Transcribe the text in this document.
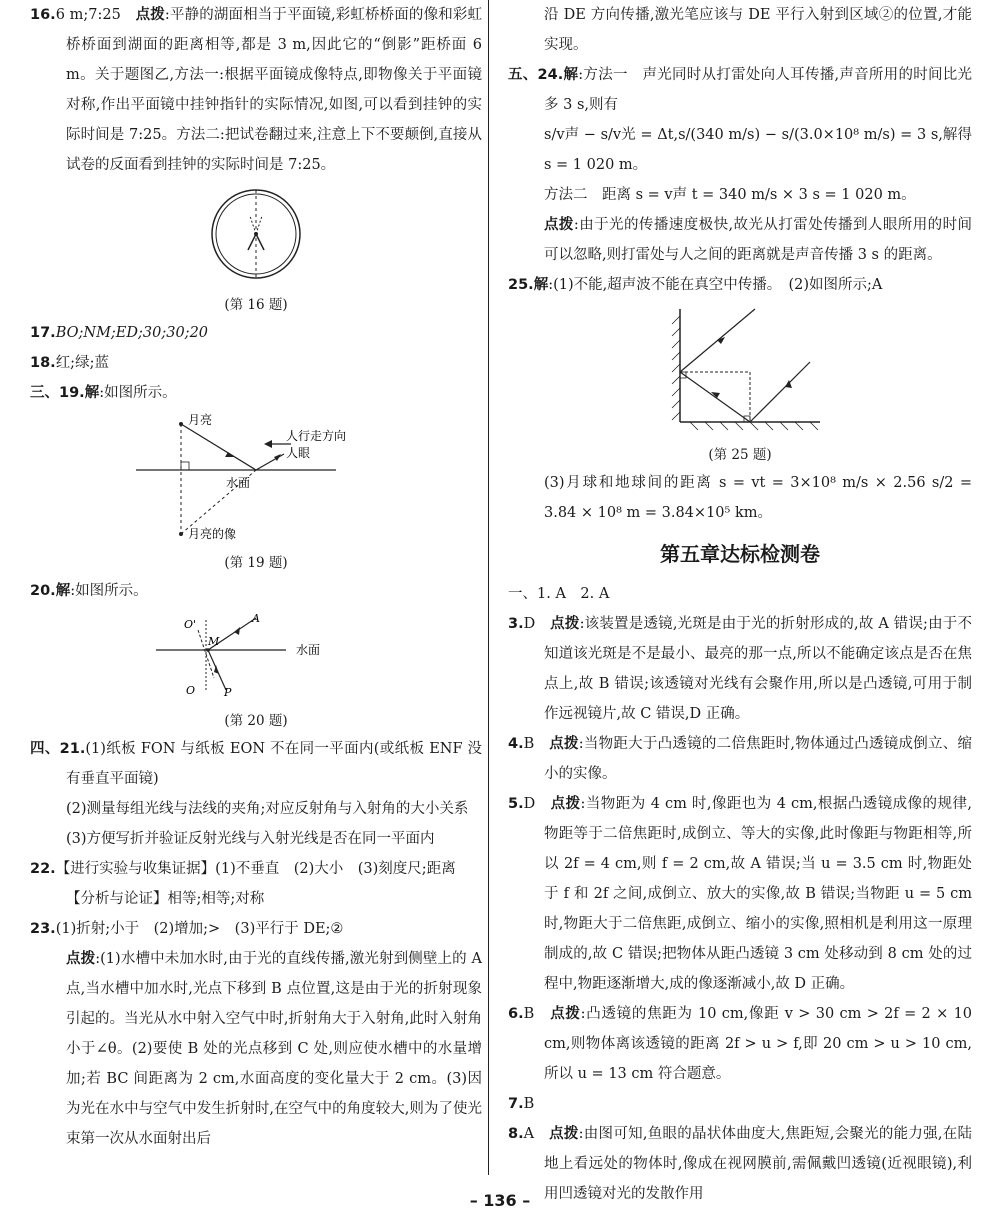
16.6 m;7:25　 点拨:平静的湖面相当于平面镜,彩虹桥桥面的像和彩虹桥桥面到湖面的距离相等,都是 3 m,因此它的“倒影”距桥面 6 m。关于题图乙,方法一:根据平面镜成像特点,即物像关于平面镜对称,作出平面镜中挂钟指针的实际情况,如图,可以看到挂钟的实际时间是 7:25。方法二:把试卷翻过来,注意上下不要颠倒,直接从试卷的反面看到挂钟的实际时间是 7:25。

(第 16 题)

17.BO;NM;ED;30;30;20

18.红;绿;蓝

三、19.解:如图所示。

月亮
人行走方向
人眼
水面
月亮的像
(第 19 题)

20.解:如图所示。

O'
M
A
水面
O	P
(第 20 题)

四、21.(1)纸板 FON 与纸板 EON 不在同一平面内(或纸板 ENF 没有垂直平面镜)

(2)测量每组光线与法线的夹角;对应反射角与入射角的大小关系

(3)方便写折并验证反射光线与入射光线是否在同一平面内

22.【进行实验与收集证据】(1)不垂直　(2)大小　(3)刻度尺;距离

【分析与论证】相等;相等;对称

23.(1)折射;小于　(2)增加;>　(3)平行于 DE;②

点拨:(1)水槽中未加水时,由于光的直线传播,激光射到侧壁上的 A 点,当水槽中加水时,光点下移到 B 点位置,这是由于光的折射现象引起的。当光从水中射入空气中时,折射角大于入射角,此时入射角小于∠θ。(2)要使 B 处的光点移到 C 处,则应使水槽中的水量增加;若 BC 间距离为 2 cm,水面高度的变化量大于 2 cm。(3)因为光在水中与空气中发生折射时,在空气中的角度较大,则为了使光束第一次从水面射出后

沿 DE 方向传播,激光笔应该与 DE 平行入射到区域②的位置,才能实现。

五、24.解:方法一　声光同时从打雷处向人耳传播,声音所用的时间比光多 3 s,则有

s/v声 − s/v光 = Δt,s/(340 m/s) − s/(3.0×10⁸ m/s) = 3 s,解得 s = 1 020 m。

方法二　距离 s = v声 t = 340 m/s × 3 s = 1 020 m。

点拨:由于光的传播速度极快,故光从打雷处传播到人眼所用的时间可以忽略,则打雷处与人之间的距离就是声音传播 3 s 的距离。

25.解:(1)不能,超声波不能在真空中传播。　(2)如图所示;A

(第 25 题)

(3)月球和地球间的距离 s = vt = 3×10⁸ m/s × 2.56 s/2 = 3.84 × 10⁸ m = 3.84×10⁵ km。

第五章达标检测卷

一、1. A　2. A

3.D　 点拨:该装置是透镜,光斑是由于光的折射形成的,故 A 错误;由于不知道该光斑是不是最小、最亮的那一点,所以不能确定该点是否在焦点上,故 B 错误;该透镜对光线有会聚作用,所以是凸透镜,可用于制作远视镜片,故 C 错误,D 正确。

4.B　 点拨:当物距大于凸透镜的二倍焦距时,物体通过凸透镜成倒立、缩小的实像。

5.D　 点拨:当物距为 4 cm 时,像距也为 4 cm,根据凸透镜成像的规律,物距等于二倍焦距时,成倒立、等大的实像,此时像距与物距相等,所以 2f = 4 cm,则 f = 2 cm,故 A 错误;当 u = 3.5 cm 时,物距处于 f 和 2f 之间,成倒立、放大的实像,故 B 错误;当物距 u = 5 cm 时,物距大于二倍焦距,成倒立、缩小的实像,照相机是利用这一原理制成的,故 C 错误;把物体从距凸透镜 3 cm 处移动到 8 cm 处的过程中,物距逐渐增大,成的像逐渐减小,故 D 正确。

6.B　 点拨:凸透镜的焦距为 10 cm,像距 v > 30 cm > 2f = 2 × 10 cm,则物体离该透镜的距离 2f > u > f,即 20 cm > u > 10 cm,所以 u = 13 cm 符合题意。

7.B

8.A　 点拨:由图可知,鱼眼的晶状体曲度大,焦距短,会聚光的能力强,在陆地上看远处的物体时,像成在视网膜前,需佩戴凹透镜(近视眼镜),利用凹透镜对光的发散作用

– 136 –
